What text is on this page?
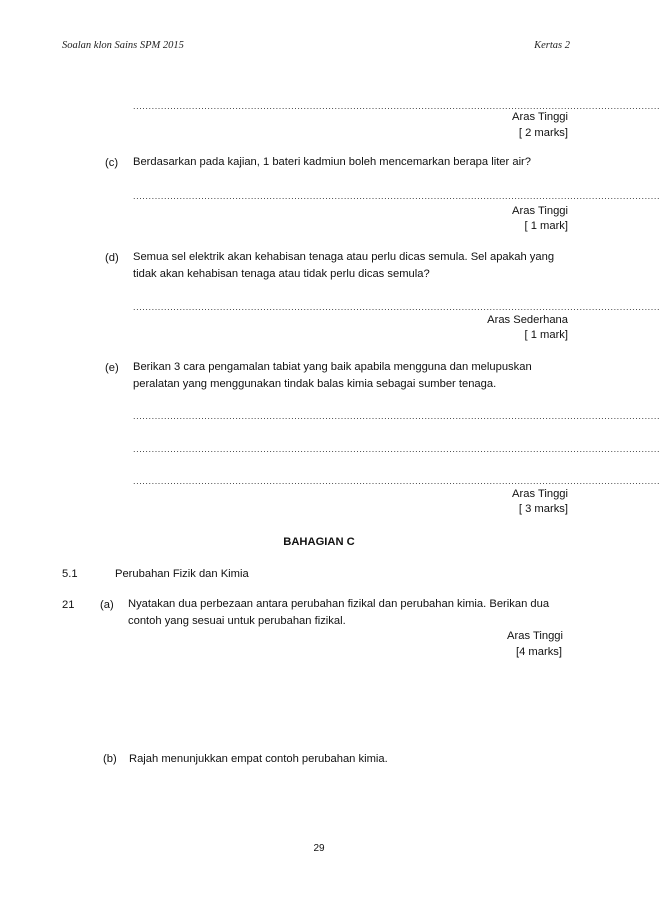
Soalan klon Sains SPM 2015	Kertas 2
..........................................................................................................................................................................
Aras Tinggi
[ 2 marks]
(c) Berdasarkan pada kajian, 1 bateri kadmiun boleh mencemarkan berapa liter air?
..........................................................................................................................................................................
Aras Tinggi
[ 1 mark]
(d) Semua sel elektrik akan kehabisan tenaga atau perlu dicas semula. Sel apakah yang tidak akan kehabisan tenaga atau tidak perlu dicas semula?
..........................................................................................................................................................................
Aras Sederhana
[ 1 mark]
(e) Berikan 3 cara pengamalan tabiat yang baik apabila mengguna dan melupuskan peralatan yang menggunakan tindak balas kimia sebagai sumber tenaga.
..........................................................................................................................................................................
..........................................................................................................................................................................
..........................................................................................................................................................................
Aras Tinggi
[ 3 marks]
BAHAGIAN C
5.1	Perubahan Fizik dan Kimia
21 (a) Nyatakan dua perbezaan antara perubahan fizikal dan perubahan kimia. Berikan dua contoh yang sesuai untuk perubahan fizikal.
Aras Tinggi
[4 marks]
(b) Rajah menunjukkan empat contoh perubahan kimia.
29
